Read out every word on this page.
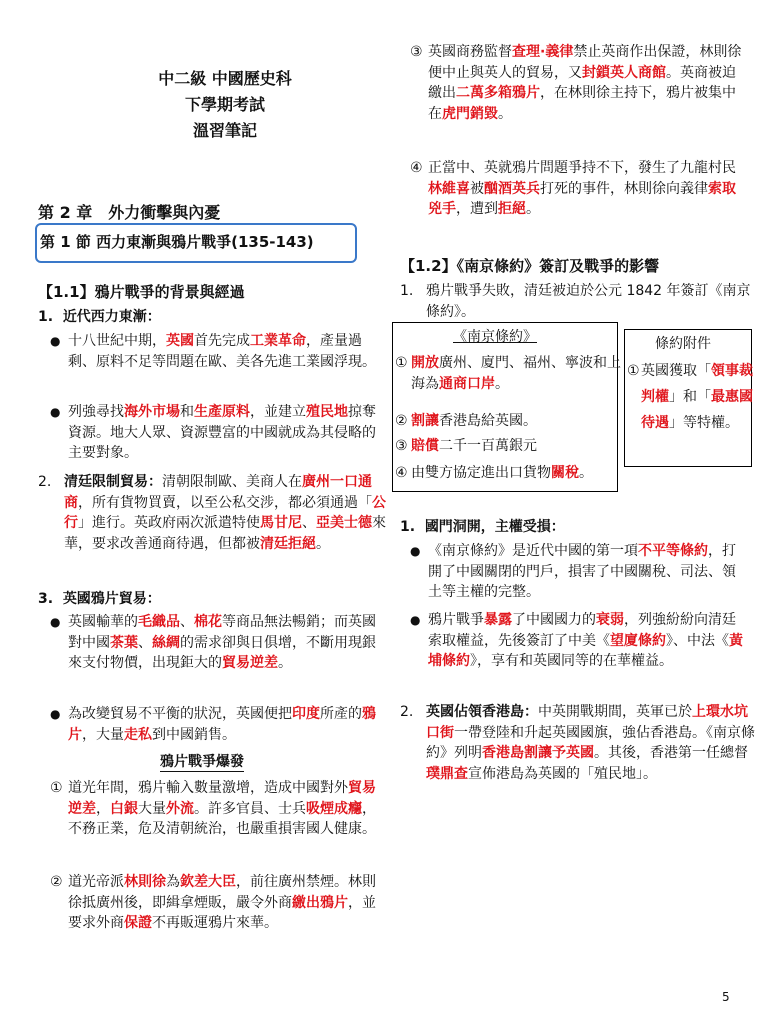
中二級 中國歷史科
下學期考試
溫習筆記
第 2 章　外力衝擊與內憂
第 1 節 西力東漸與鴉片戰爭(135-143)
【1.1】鴉片戰爭的背景與經過
1.  近代西力東漸：
● 十八世紀中期，英國首先完成工業革命，產量過剩、原料不足等問題在歐、美各先進工業國浮現。
● 列強尋找海外市場和生產原料，並建立殖民地掠奪資源。地大人眾、資源豐富的中國就成為其侵略的主要對象。
2. 清廷限制貿易：清朝限制歐、美商人在廣州一口通商，所有貨物買賣，以至公私交涉，都必須通過「公行」進行。英政府兩次派遣特使馬甘尼、亞美士德來華，要求改善通商待遇，但都被清廷拒絕。
3.  英國鴉片貿易：
● 英國輸華的毛織品、棉花等商品無法暢銷；而英國對中國茶葉、絲綢的需求卻與日俱增，不斷用現銀來支付物價，出現鉅大的貿易逆差。
● 為改變貿易不平衡的狀況，英國便把印度所產的鴉片，大量走私到中國銷售。
鴉片戰爭爆發
① 道光年間，鴉片輸入數量激增，造成中國對外貿易逆差，白銀大量外流。許多官員、士兵吸煙成癮，不務正業，危及清朝統治，也嚴重損害國人健康。
② 道光帝派林則徐為欽差大臣，前往廣州禁煙。林則徐抵廣州後，即緝拿煙販，嚴令外商繳出鴉片，並要求外商保證不再販運鴉片來華。
③ 英國商務監督查理·義律禁止英商作出保證，林則徐便中止與英人的貿易，又封鎖英人商館。英商被迫繳出二萬多箱鴉片，在林則徐主持下，鴉片被集中在虎門銷毀。
④ 正當中、英就鴉片問題爭持不下，發生了九龍村民林維喜被酗酒英兵打死的事件，林則徐向義律索取兇手，遭到拒絕。
【1.2】《南京條約》簽訂及戰爭的影響
1. 鴉片戰爭失敗，清廷被迫於公元 1842 年簽訂《南京條約》。
《南京條約》
① 開放廣州、廈門、福州、寧波和上海為通商口岸。
② 割讓香港島給英國。
③ 賠償二千一百萬銀元
④ 由雙方協定進出口貨物關稅。
條約附件
① 英國獲取「領事裁判權」和「最惠國待遇」等特權。
1.  國門洞開，主權受損：
● 《南京條約》是近代中國的第一項不平等條約，打開了中國關閉的門戶，損害了中國關稅、司法、領土等主權的完整。
● 鴉片戰爭暴露了中國國力的衰弱，列強紛紛向清廷索取權益，先後簽訂了中美《望廈條約》、中法《黃埔條約》，享有和英國同等的在華權益。
2. 英國佔領香港島：中英開戰期間，英軍已於上環水坑口街一帶登陸和升起英國國旗，強佔香港島。《南京條約》列明香港島割讓予英國。其後，香港第一任總督璞鼎查宣佈港島為英國的「殖民地」。
5
